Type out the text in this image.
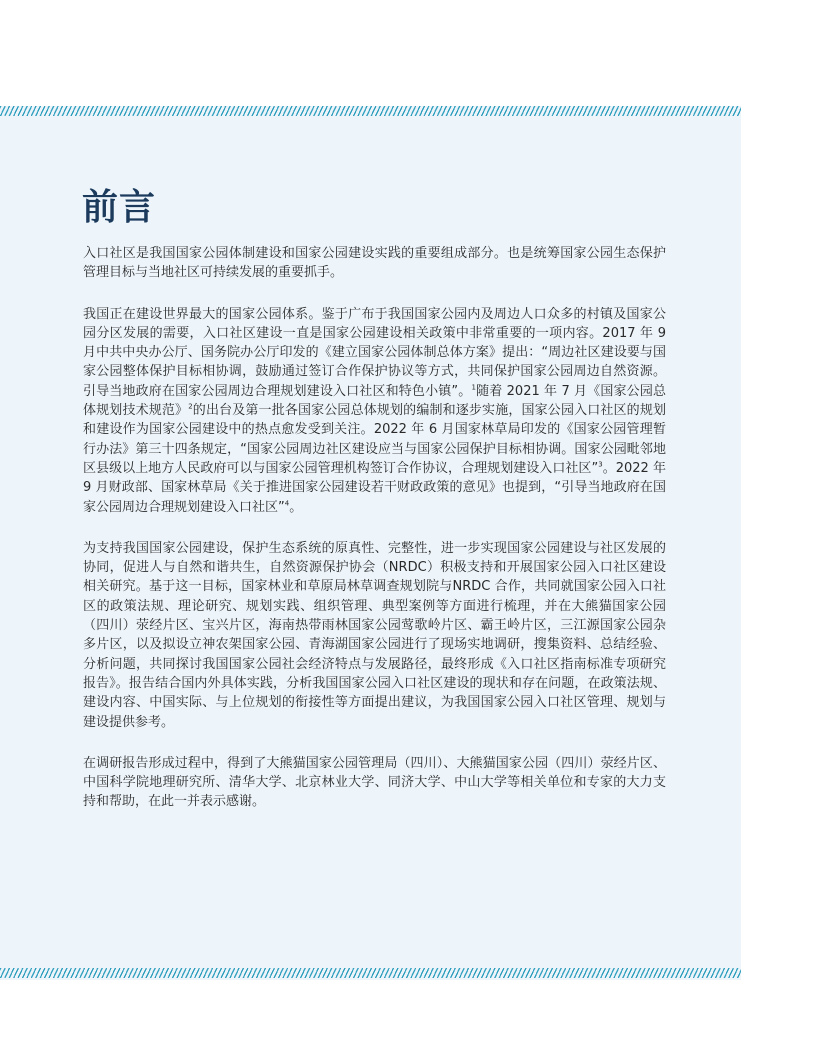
前言

入口社区是我国国家公园体制建设和国家公园建设实践的重要组成部分。也是统筹国家公园生态保护管理目标与当地社区可持续发展的重要抓手。

我国正在建设世界最大的国家公园体系。鉴于广布于我国国家公园内及周边人口众多的村镇及国家公园分区发展的需要，入口社区建设一直是国家公园建设相关政策中非常重要的一项内容。2017 年 9 月中共中央办公厅、国务院办公厅印发的《建立国家公园体制总体方案》提出：“周边社区建设要与国家公园整体保护目标相协调，鼓励通过签订合作保护协议等方式，共同保护国家公园周边自然资源。引导当地政府在国家公园周边合理规划建设入口社区和特色小镇”。$^1$随着 2021 年 7 月《国家公园总体规划技术规范》$^2$的出台及第一批各国家公园总体规划的编制和逐步实施，国家公园入口社区的规划和建设作为国家公园建设中的热点愈发受到关注。2022 年 6 月国家林草局印发的《国家公园管理暂行办法》第三十四条规定，“国家公园周边社区建设应当与国家公园保护目标相协调。国家公园毗邻地区县级以上地方人民政府可以与国家公园管理机构签订合作协议，合理规划建设入口社区”$^3$。2022 年 9 月财政部、国家林草局《关于推进国家公园建设若干财政政策的意见》也提到，“引导当地政府在国家公园周边合理规划建设入口社区”$^4$。

为支持我国国家公园建设，保护生态系统的原真性、完整性，进一步实现国家公园建设与社区发展的协同，促进人与自然和谐共生，自然资源保护协会（NRDC）积极支持和开展国家公园入口社区建设相关研究。基于这一目标，国家林业和草原局林草调查规划院与NRDC 合作，共同就国家公园入口社区的政策法规、理论研究、规划实践、组织管理、典型案例等方面进行梳理，并在大熊猫国家公园（四川）荥经片区、宝兴片区，海南热带雨林国家公园莺歌岭片区、霸王岭片区，三江源国家公园杂多片区，以及拟设立神农架国家公园、青海湖国家公园进行了现场实地调研，搜集资料、总结经验、分析问题，共同探讨我国国家公园社会经济特点与发展路径，最终形成《入口社区指南标准专项研究报告》。报告结合国内外具体实践，分析我国国家公园入口社区建设的现状和存在问题，在政策法规、建设内容、中国实际、与上位规划的衔接性等方面提出建议，为我国国家公园入口社区管理、规划与建设提供参考。

在调研报告形成过程中，得到了大熊猫国家公园管理局（四川）、大熊猫国家公园（四川）荥经片区、中国科学院地理研究所、清华大学、北京林业大学、同济大学、中山大学等相关单位和专家的大力支持和帮助，在此一并表示感谢。
